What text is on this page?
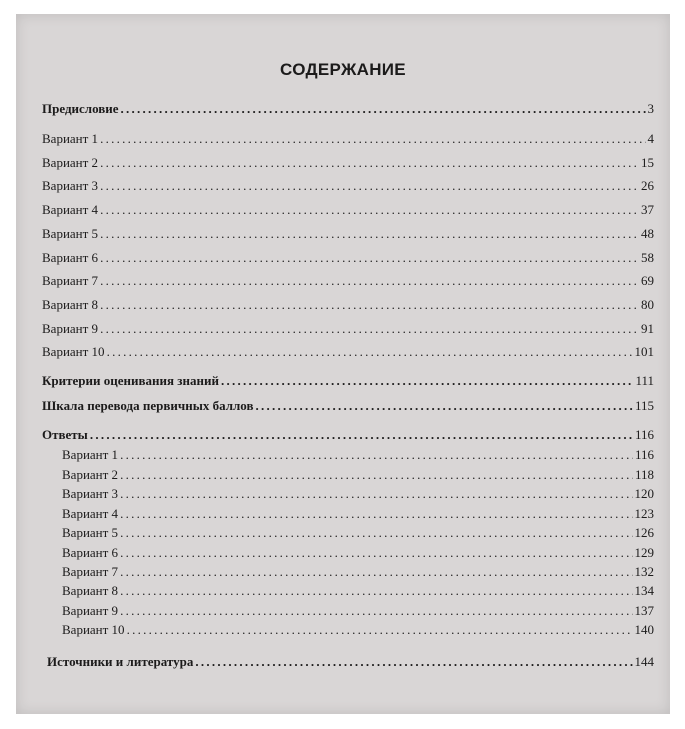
СОДЕРЖАНИЕ
Предисловие . . .	3
Вариант 1 . . .	4
Вариант 2 . . .	15
Вариант 3 . . .	26
Вариант 4 . . .	37
Вариант 5 . . .	48
Вариант 6 . . .	58
Вариант 7 . . .	69
Вариант 8 . . .	80
Вариант 9 . . .	91
Вариант 10 . . .	101
Критерии оценивания знаний . . .	111
Шкала перевода первичных баллов . . .	115
Ответы . . .	116
Вариант 1 . . .	116
Вариант 2 . . .	118
Вариант 3 . . .	120
Вариант 4 . . .	123
Вариант 5 . . .	126
Вариант 6 . . .	129
Вариант 7 . . .	132
Вариант 8 . . .	134
Вариант 9 . . .	137
Вариант 10 . . .	140
Источники и литература . . .	144
